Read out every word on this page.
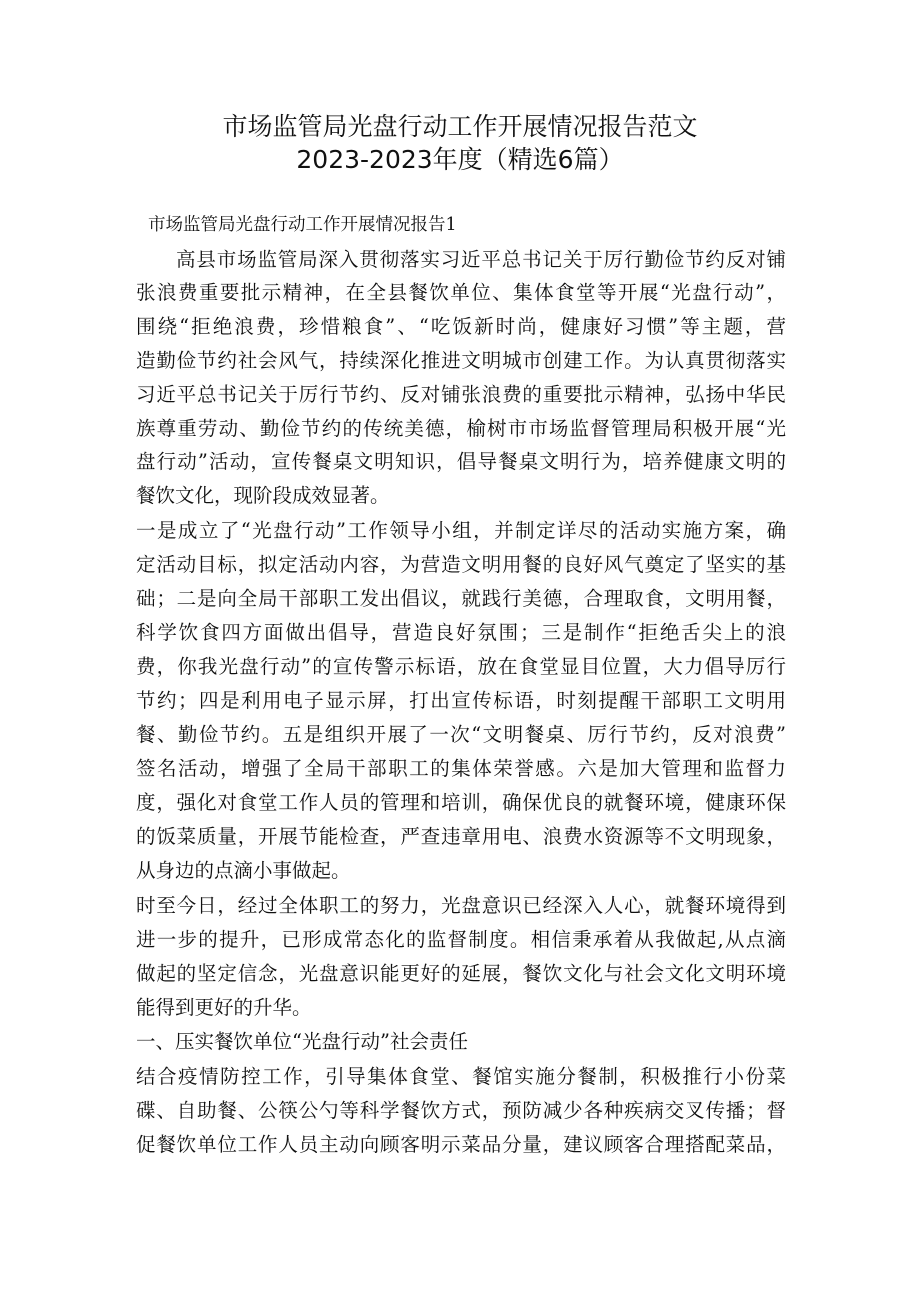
市场监管局光盘行动工作开展情况报告范文
2023-2023年度（精选6篇）
市场监管局光盘行动工作开展情况报告1
高县市场监管局深入贯彻落实习近平总书记关于厉行勤俭节约反对铺
张浪费重要批示精神，在全县餐饮单位、集体食堂等开展“光盘行动”，
围绕“拒绝浪费，珍惜粮食”、“吃饭新时尚，健康好习惯”等主题，营
造勤俭节约社会风气，持续深化推进文明城市创建工作。为认真贯彻落实
习近平总书记关于厉行节约、反对铺张浪费的重要批示精神，弘扬中华民
族尊重劳动、勤俭节约的传统美德，榆树市市场监督管理局积极开展“光
盘行动”活动，宣传餐桌文明知识，倡导餐桌文明行为，培养健康文明的
餐饮文化，现阶段成效显著。
一是成立了“光盘行动”工作领导小组，并制定详尽的活动实施方案，确
定活动目标，拟定活动内容，为营造文明用餐的良好风气奠定了坚实的基
础；二是向全局干部职工发出倡议，就践行美德，合理取食，文明用餐，
科学饮食四方面做出倡导，营造良好氛围；三是制作“拒绝舌尖上的浪
费，你我光盘行动”的宣传警示标语，放在食堂显目位置，大力倡导厉行
节约；四是利用电子显示屏，打出宣传标语，时刻提醒干部职工文明用
餐、勤俭节约。五是组织开展了一次“文明餐桌、厉行节约，反对浪费”
签名活动，增强了全局干部职工的集体荣誉感。六是加大管理和监督力
度，强化对食堂工作人员的管理和培训，确保优良的就餐环境，健康环保
的饭菜质量，开展节能检查，严查违章用电、浪费水资源等不文明现象，
从身边的点滴小事做起。
时至今日，经过全体职工的努力，光盘意识已经深入人心，就餐环境得到
进一步的提升，已形成常态化的监督制度。相信秉承着从我做起,从点滴
做起的坚定信念，光盘意识能更好的延展，餐饮文化与社会文化文明环境
能得到更好的升华。
一、压实餐饮单位“光盘行动”社会责任
结合疫情防控工作，引导集体食堂、餐馆实施分餐制，积极推行小份菜
碟、自助餐、公筷公勺等科学餐饮方式，预防减少各种疾病交叉传播；督
促餐饮单位工作人员主动向顾客明示菜品分量，建议顾客合理搭配菜品，
